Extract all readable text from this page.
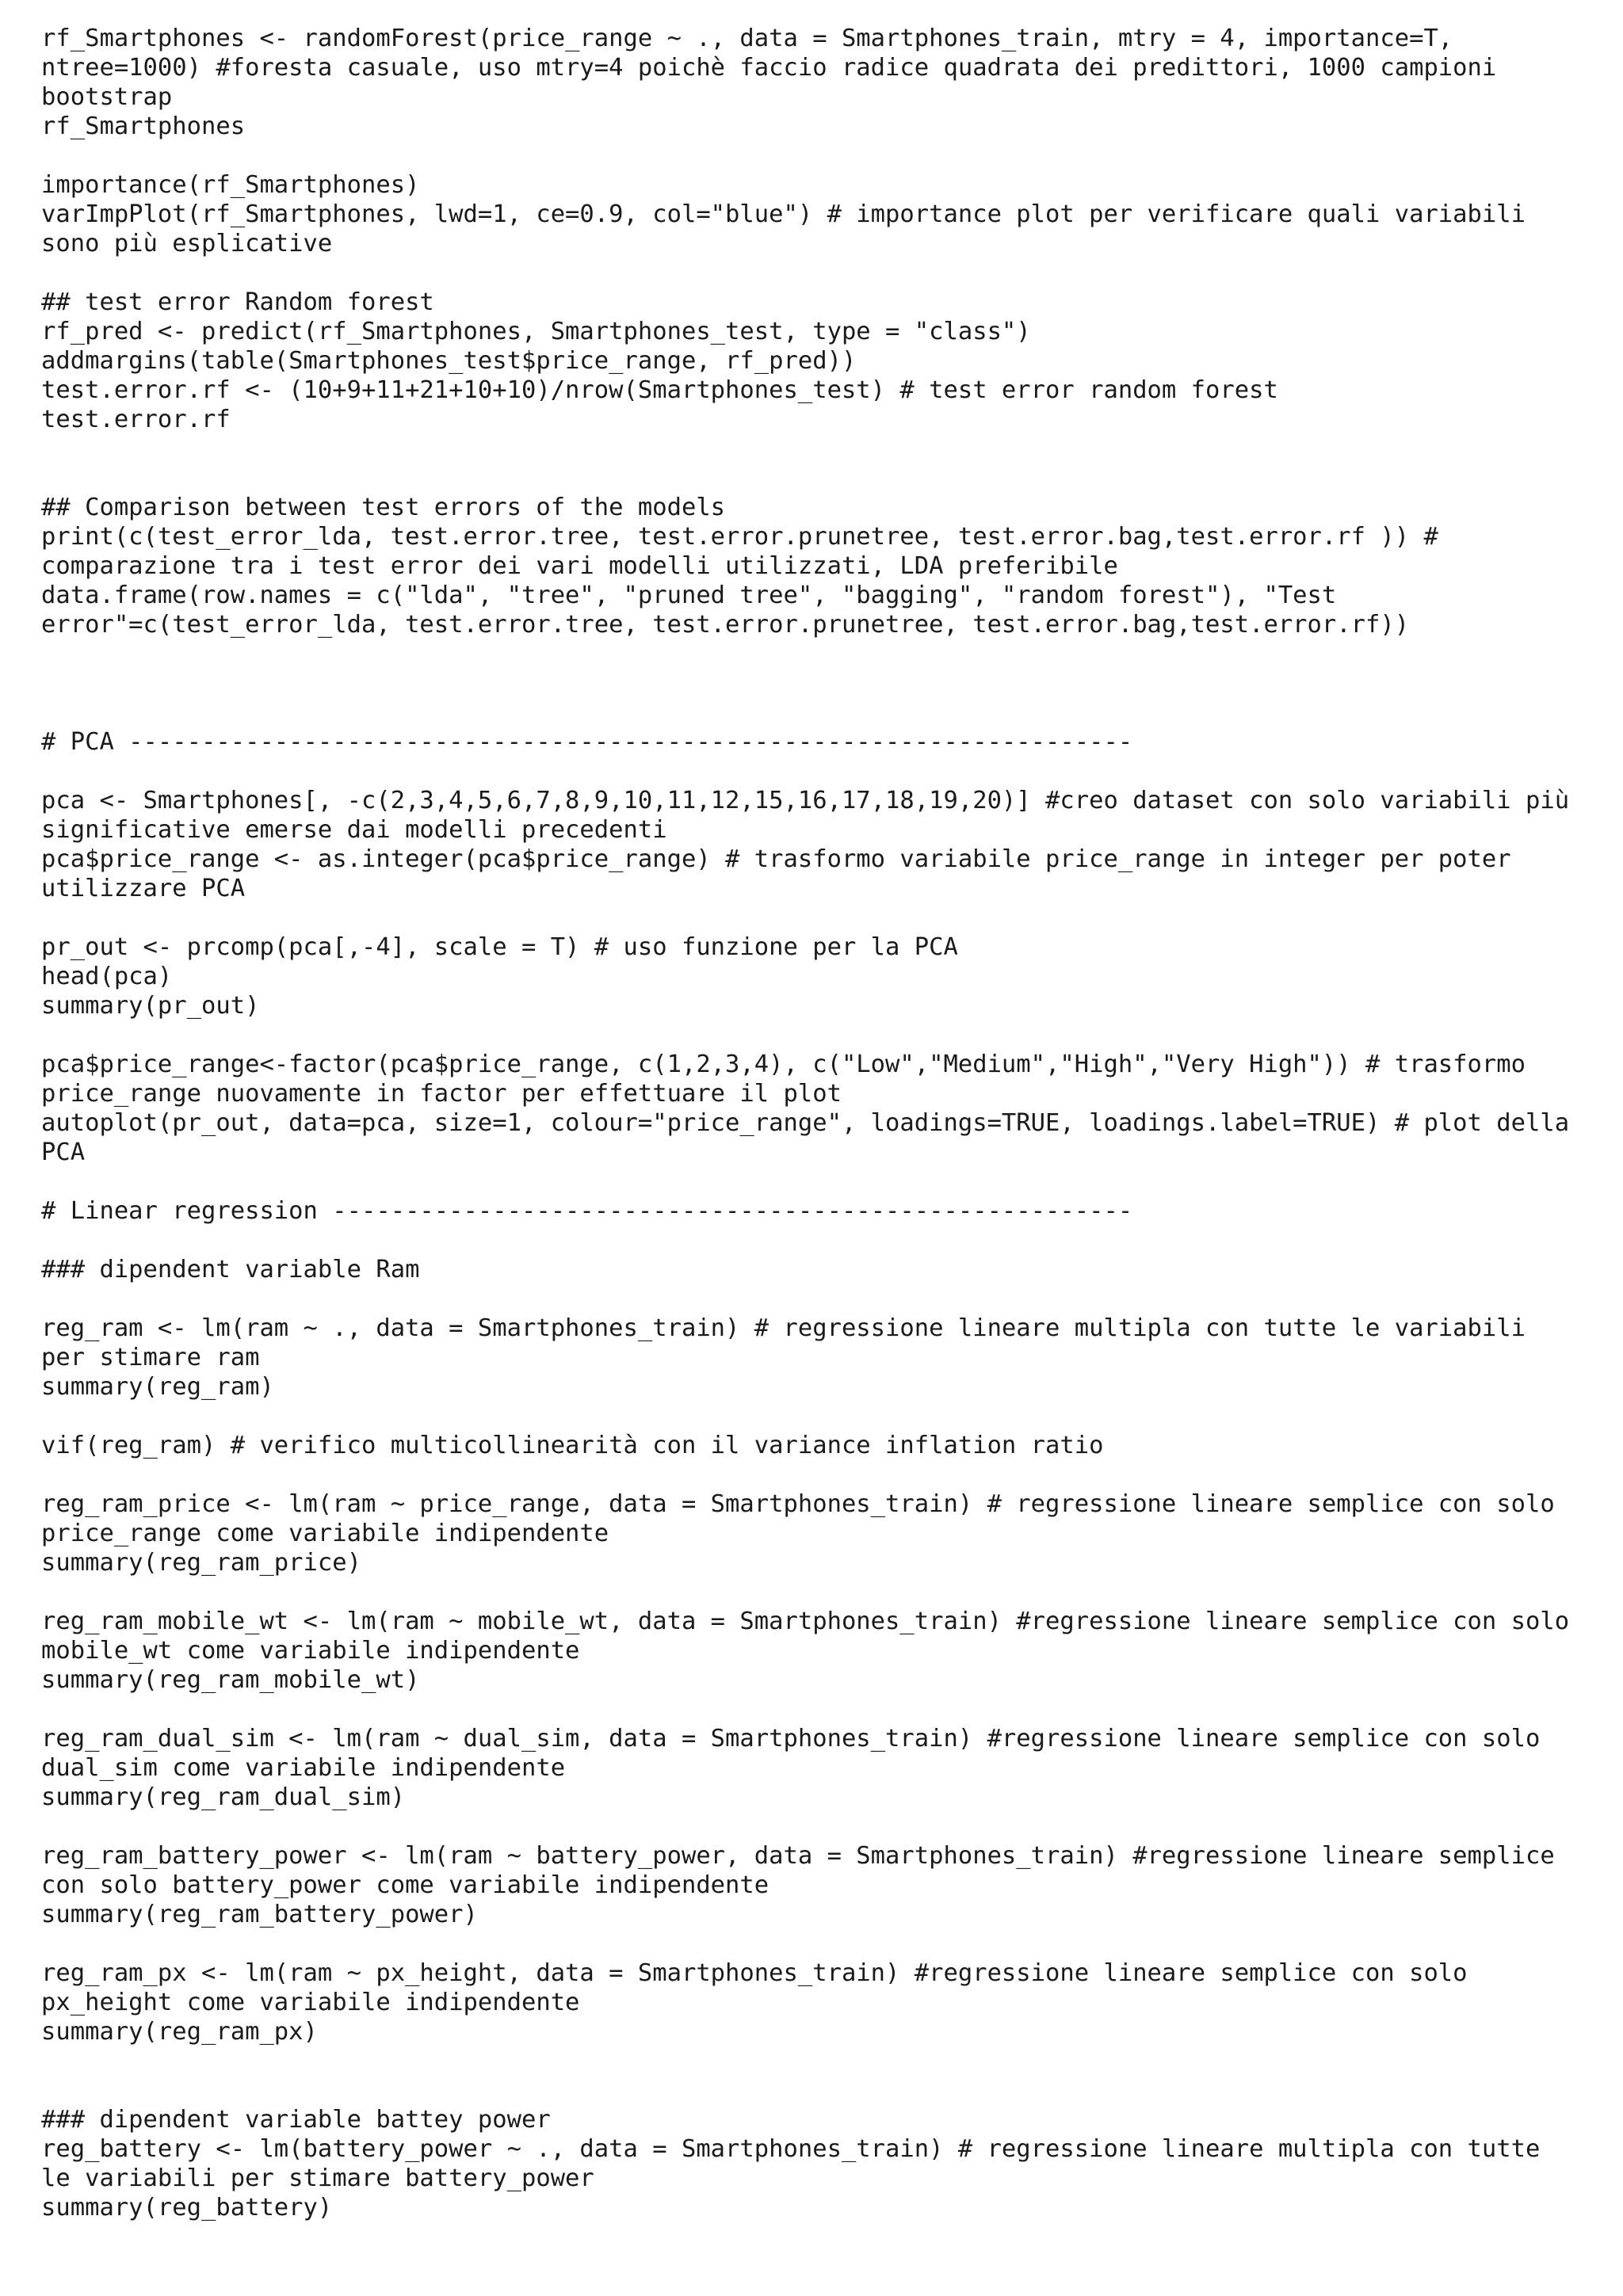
rf_Smartphones <- randomForest(price_range ~ ., data = Smartphones_train, mtry = 4, importance=T,
ntree=1000) #foresta casuale, uso mtry=4 poichè faccio radice quadrata dei predittori, 1000 campioni
bootstrap
rf_Smartphones
importance(rf_Smartphones)
varImpPlot(rf_Smartphones, lwd=1, ce=0.9, col="blue") # importance plot per verificare quali variabili
sono più esplicative
## test error Random forest
rf_pred <- predict(rf_Smartphones, Smartphones_test, type = "class")
addmargins(table(Smartphones_test$price_range, rf_pred))
test.error.rf <- (10+9+11+21+10+10)/nrow(Smartphones_test) # test error random forest
test.error.rf
## Comparison between test errors of the models
print(c(test_error_lda, test.error.tree, test.error.prunetree, test.error.bag,test.error.rf )) #
comparazione tra i test error dei vari modelli utilizzati, LDA preferibile
data.frame(row.names = c("lda", "tree", "pruned tree", "bagging", "random forest"), "Test
error"=c(test_error_lda, test.error.tree, test.error.prunetree, test.error.bag,test.error.rf))
# PCA ---------------------------------------------------------------------
pca <- Smartphones[, -c(2,3,4,5,6,7,8,9,10,11,12,15,16,17,18,19,20)] #creo dataset con solo variabili più
significative emerse dai modelli precedenti
pca$price_range <- as.integer(pca$price_range) # trasformo variabile price_range in integer per poter
utilizzare PCA
pr_out <- prcomp(pca[,-4], scale = T) # uso funzione per la PCA
head(pca)
summary(pr_out)
pca$price_range<-factor(pca$price_range, c(1,2,3,4), c("Low","Medium","High","Very High")) # trasformo
price_range nuovamente in factor per effettuare il plot
autoplot(pr_out, data=pca, size=1, colour="price_range", loadings=TRUE, loadings.label=TRUE) # plot della
PCA
# Linear regression -------------------------------------------------------
### dipendent variable Ram
reg_ram <- lm(ram ~ ., data = Smartphones_train) # regressione lineare multipla con tutte le variabili
per stimare ram
summary(reg_ram)
vif(reg_ram) # verifico multicollinearità con il variance inflation ratio
reg_ram_price <- lm(ram ~ price_range, data = Smartphones_train) # regressione lineare semplice con solo
price_range come variabile indipendente
summary(reg_ram_price)
reg_ram_mobile_wt <- lm(ram ~ mobile_wt, data = Smartphones_train) #regressione lineare semplice con solo
mobile_wt come variabile indipendente
summary(reg_ram_mobile_wt)
reg_ram_dual_sim <- lm(ram ~ dual_sim, data = Smartphones_train) #regressione lineare semplice con solo
dual_sim come variabile indipendente
summary(reg_ram_dual_sim)
reg_ram_battery_power <- lm(ram ~ battery_power, data = Smartphones_train) #regressione lineare semplice
con solo battery_power come variabile indipendente
summary(reg_ram_battery_power)
reg_ram_px <- lm(ram ~ px_height, data = Smartphones_train) #regressione lineare semplice con solo
px_height come variabile indipendente
summary(reg_ram_px)
### dipendent variable battey power
reg_battery <- lm(battery_power ~ ., data = Smartphones_train) # regressione lineare multipla con tutte
le variabili per stimare battery_power
summary(reg_battery)
